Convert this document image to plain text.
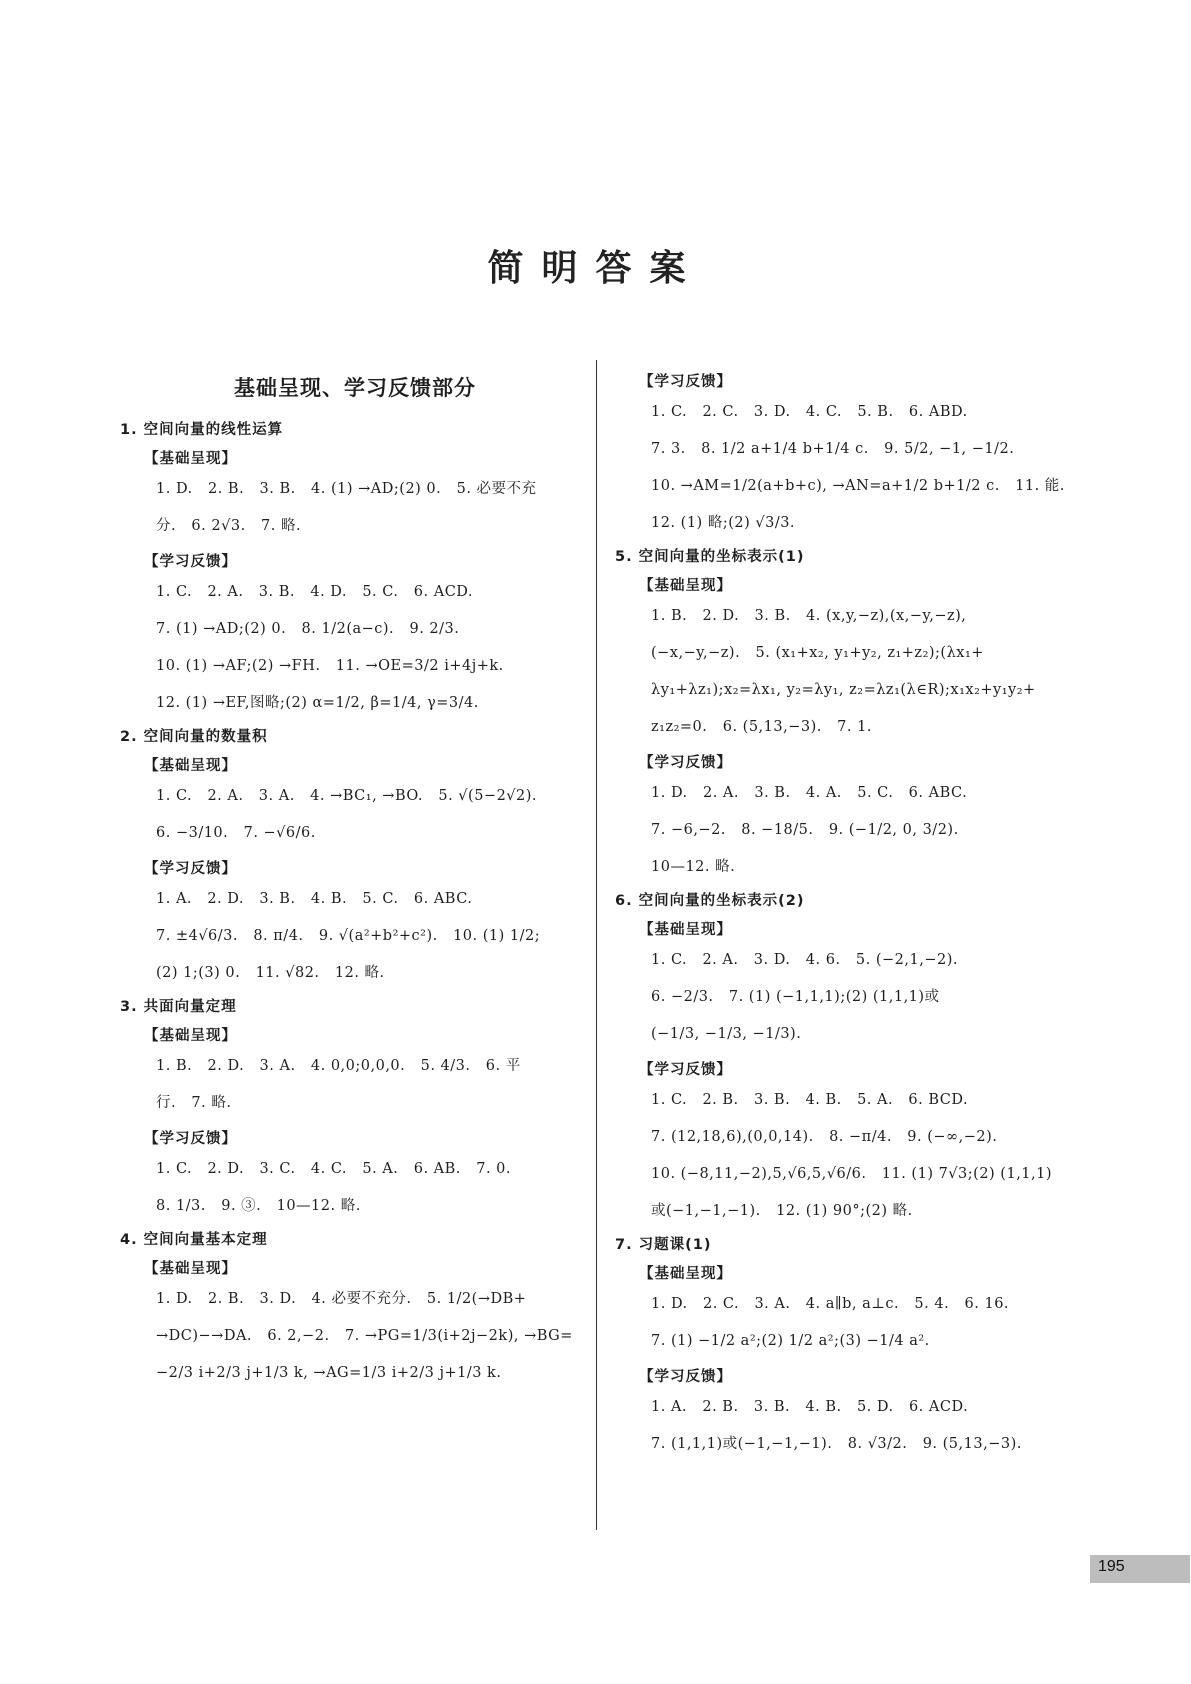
简明答案
基础呈现、学习反馈部分
1. 空间向量的线性运算
【基础呈现】
1. D.   2. B.   3. B.   4. (1) →AD;(2) 0.   5. 必要不充
分.   6. 2√3.   7. 略.
【学习反馈】
1. C.   2. A.   3. B.   4. D.   5. C.   6. ACD.
7. (1) →AD;(2) 0.   8. 1/2(a−c).   9. 2/3.
10. (1) →AF;(2) →FH.   11. →OE=3/2 i+4j+k.
12. (1) →EF,图略;(2) α=1/2, β=1/4, γ=3/4.
2. 空间向量的数量积
【基础呈现】
1. C.   2. A.   3. A.   4. →BC₁, →BO.   5. √(5−2√2).
6. −3/10.   7. −√6/6.
【学习反馈】
1. A.   2. D.   3. B.   4. B.   5. C.   6. ABC.
7. ±4√6/3.   8. π/4.   9. √(a²+b²+c²).   10. (1) 1/2;
(2) 1;(3) 0.   11. √82.   12. 略.
3. 共面向量定理
【基础呈现】
1. B.   2. D.   3. A.   4. 0,0;0,0,0.   5. 4/3.   6. 平
行.   7. 略.
【学习反馈】
1. C.   2. D.   3. C.   4. C.   5. A.   6. AB.   7. 0.
8. 1/3.   9. ③.   10—12. 略.
4. 空间向量基本定理
【基础呈现】
1. D.   2. B.   3. D.   4. 必要不充分.   5. 1/2(→DB+
→DC)−→DA.   6. 2,−2.   7. →PG=1/3(i+2j−2k), →BG=
−2/3 i+2/3 j+1/3 k, →AG=1/3 i+2/3 j+1/3 k.
【学习反馈】
1. C.   2. C.   3. D.   4. C.   5. B.   6. ABD.
7. 3.   8. 1/2 a+1/4 b+1/4 c.   9. 5/2, −1, −1/2.
10. →AM=1/2(a+b+c), →AN=a+1/2 b+1/2 c.   11. 能.
12. (1) 略;(2) √3/3.
5. 空间向量的坐标表示(1)
【基础呈现】
1. B.   2. D.   3. B.   4. (x,y,−z),(x,−y,−z),
(−x,−y,−z).   5. (x₁+x₂, y₁+y₂, z₁+z₂);(λx₁+
λy₁+λz₁);x₂=λx₁, y₂=λy₁, z₂=λz₁(λ∈R);x₁x₂+y₁y₂+
z₁z₂=0.   6. (5,13,−3).   7. 1.
【学习反馈】
1. D.   2. A.   3. B.   4. A.   5. C.   6. ABC.
7. −6,−2.   8. −18/5.   9. (−1/2, 0, 3/2).
10—12. 略.
6. 空间向量的坐标表示(2)
【基础呈现】
1. C.   2. A.   3. D.   4. 6.   5. (−2,1,−2).
6. −2/3.   7. (1) (−1,1,1);(2) (1,1,1)或
(−1/3, −1/3, −1/3).
【学习反馈】
1. C.   2. B.   3. B.   4. B.   5. A.   6. BCD.
7. (12,18,6),(0,0,14).   8. −π/4.   9. (−∞,−2).
10. (−8,11,−2),5,√6,5,√6/6.   11. (1) 7√3;(2) (1,1,1)
或(−1,−1,−1).   12. (1) 90°;(2) 略.
7. 习题课(1)
【基础呈现】
1. D.   2. C.   3. A.   4. a∥b, a⊥c.   5. 4.   6. 16.
7. (1) −1/2 a²;(2) 1/2 a²;(3) −1/4 a².
【学习反馈】
1. A.   2. B.   3. B.   4. B.   5. D.   6. ACD.
7. (1,1,1)或(−1,−1,−1).   8. √3/2.   9. (5,13,−3).
195
